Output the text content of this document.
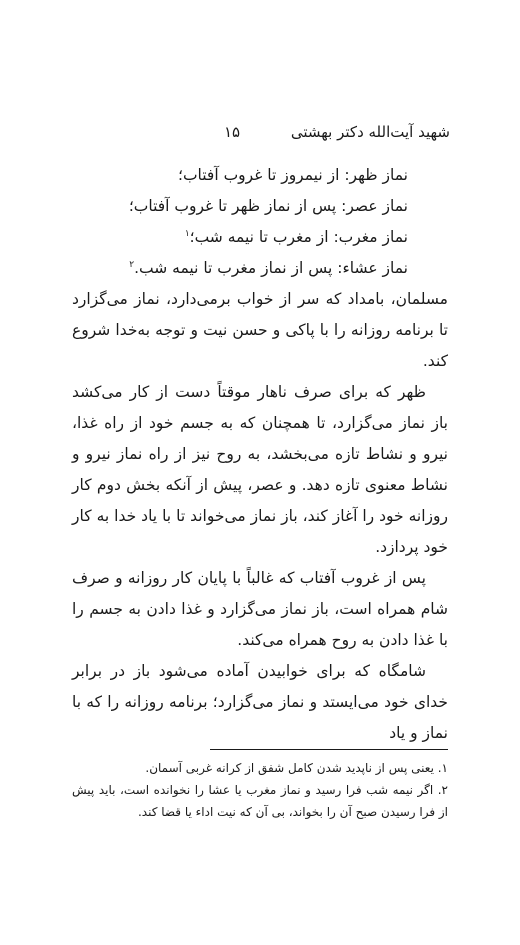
شهید آیت‌الله دکتر بهشتی
۱۵
نماز ظهر: از نیمروز تا غروب آفتاب؛
نماز عصر: پس از نماز ظهر تا غروب آفتاب؛
نماز مغرب: از مغرب تا نیمه شب؛$^۱$
نماز عشاء: پس از نماز مغرب تا نیمه شب.$^۲$

مسلمان، بامداد که سر از خواب برمی‌دارد، نماز می‌گزارد تا برنامه روزانه را با پاکی و حسن نیت و توجه به‌خدا شروع کند.

ظهر که برای صرف ناهار موقتاً دست از کار می‌کشد باز نماز می‌گزارد، تا همچنان که به جسم خود از راه غذا، نیرو و نشاط تازه می‌بخشد، به روح نیز از راه نماز نیرو و نشاط معنوی تازه دهد. و عصر، پیش از آنکه بخش دوم کار روزانه خود را آغاز کند، باز نماز می‌خواند تا با یاد خدا به کار خود پردازد.

پس از غروب آفتاب که غالباً با پایان کار روزانه و صرف شام همراه است، باز نماز می‌گزارد و غذا دادن به جسم را با غذا دادن به روح همراه می‌کند.

شامگاه که برای خوابیدن آماده می‌شود باز در برابر خدای خود می‌ایستد و نماز می‌گزارد؛ برنامه روزانه را که با نماز و یاد

۱. یعنی پس از ناپدید شدن کامل شفق از کرانه غربی آسمان.

۲. اگر نیمه شب فرا رسید و نماز مغرب یا عشا را نخوانده است، باید پیش از فرا رسیدن صبح آن را بخواند، بی آن که نیت اداء یا قضا کند.
